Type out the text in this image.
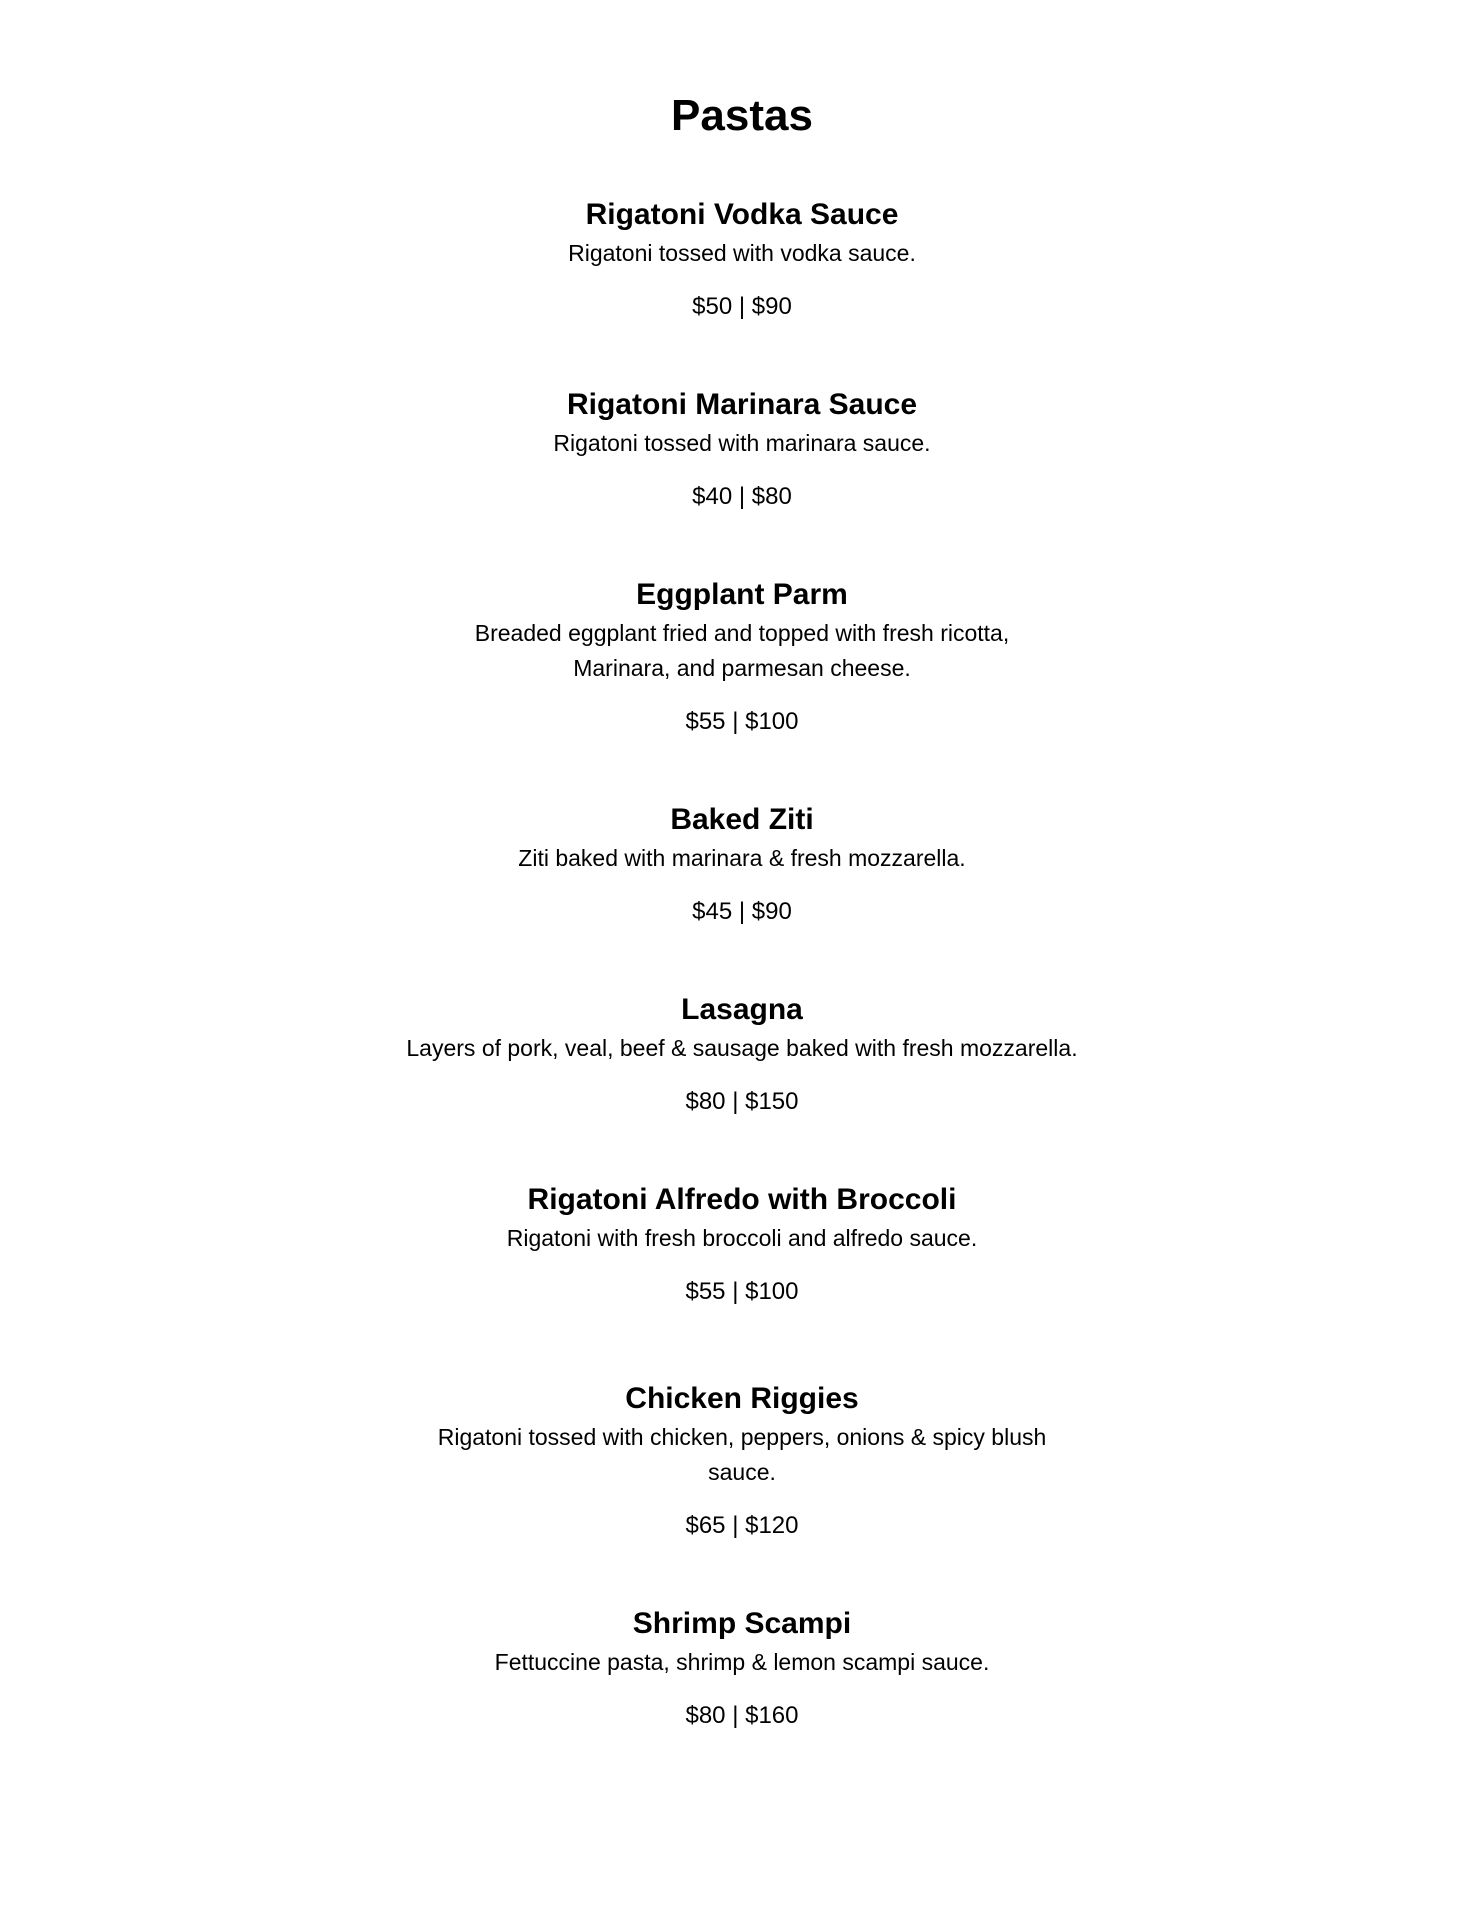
Pastas
Rigatoni Vodka Sauce
Rigatoni tossed with vodka sauce.
$50 | $90
Rigatoni Marinara Sauce
Rigatoni tossed with marinara sauce.
$40 | $80
Eggplant Parm
Breaded eggplant fried and topped with fresh ricotta,
Marinara, and parmesan cheese.
$55 | $100
Baked Ziti
Ziti baked with marinara & fresh mozzarella.
$45 | $90
Lasagna
Layers of pork, veal, beef & sausage baked with fresh mozzarella.
$80 | $150
Rigatoni Alfredo with Broccoli
Rigatoni with fresh broccoli and alfredo sauce.
$55 | $100
Chicken Riggies
Rigatoni tossed with chicken, peppers, onions & spicy blush
sauce.
$65 | $120
Shrimp Scampi
Fettuccine pasta, shrimp & lemon scampi sauce.
$80 | $160
